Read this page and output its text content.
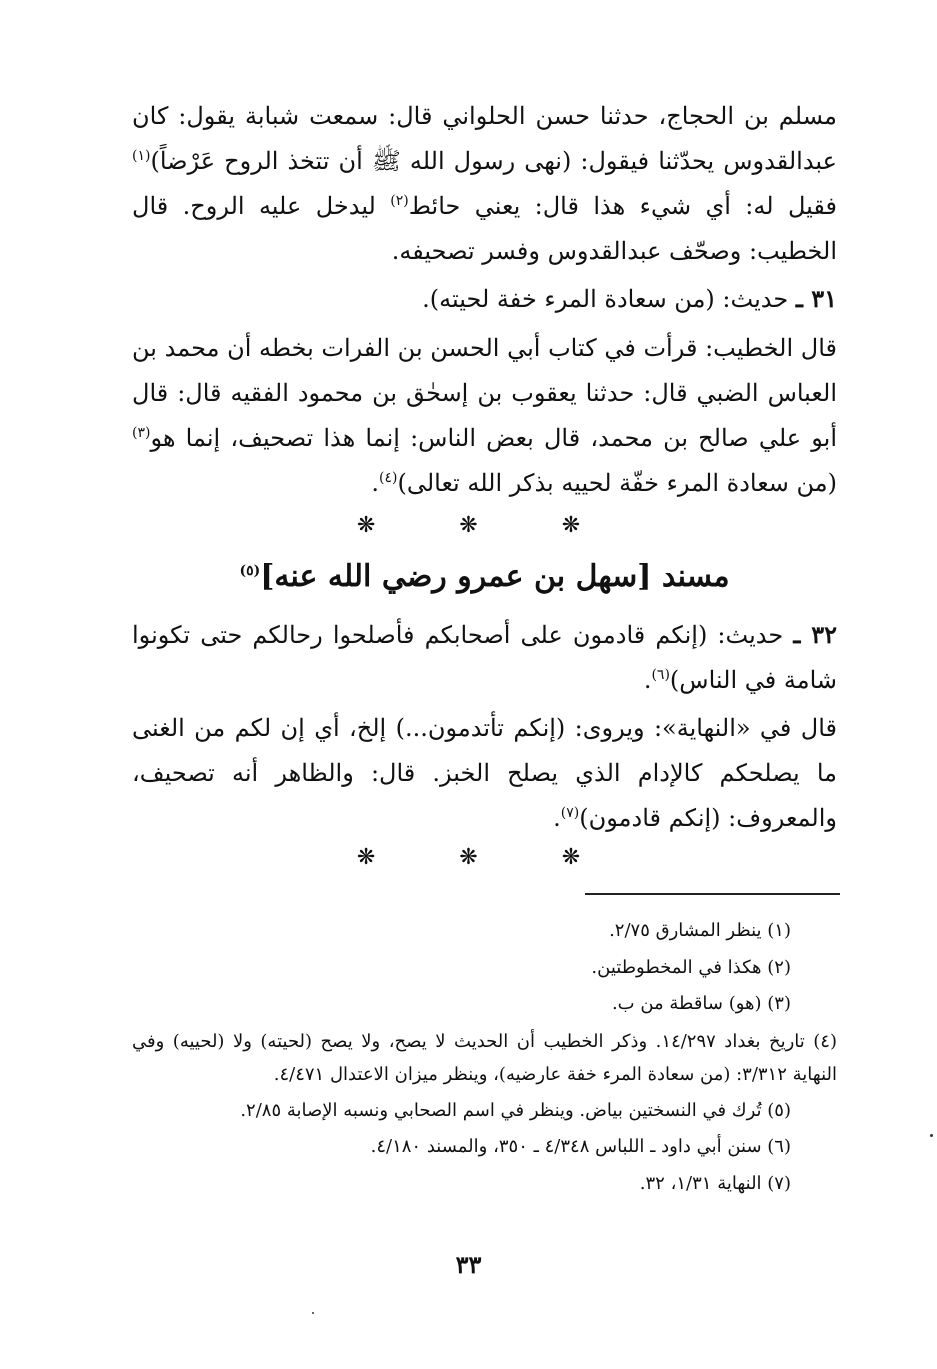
مسلم بن الحجاج، حدثنا حسن الحلواني قال: سمعت شبابة يقول: كان عبدالقدوس يحدّثنا فيقول: (نهى رسول الله ﷺ أن تتخذ الروح عَرْضاً)$^{(١)}$ فقيل له: أي شيء هذا قال: يعني حائط$^{(٢)}$ ليدخل عليه الروح. قال الخطيب: وصحّف عبدالقدوس وفسر تصحيفه.
٣١ ـ حديث: (من سعادة المرء خفة لحيته).
قال الخطيب: قرأت في كتاب أبي الحسن بن الفرات بخطه أن محمد بن العباس الضبي قال: حدثنا يعقوب بن إسحٰق بن محمود الفقيه قال: قال أبو علي صالح بن محمد، قال بعض الناس: إنما هذا تصحيف، إنما هو$^{(٣)}$ (من سعادة المرء خفّة لحييه بذكر الله تعالى)$^{(٤)}$.
❋	❋	❋
مسند [سهل بن عمرو رضي الله عنه]$^{(٥)}$
٣٢ ـ حديث: (إنكم قادمون على أصحابكم فأصلحوا رحالكم حتى تكونوا شامة في الناس)$^{(٦)}$.
قال في «النهاية»: ويروى: (إنكم تأتدمون...) إلخ، أي إن لكم من الغنى ما يصلحكم كالإدام الذي يصلح الخبز. قال: والظاهر أنه تصحيف، والمعروف: (إنكم قادمون)$^{(٧)}$.
❋	❋	❋
(١) ينظر المشارق ٢/٧٥.
(٢) هكذا في المخطوطتين.
(٣) (هو) ساقطة من ب.
(٤) تاريخ بغداد ١٤/٢٩٧. وذكر الخطيب أن الحديث لا يصح، ولا يصح (لحيته) ولا (لحييه) وفي النهاية ٣/٣١٢: (من سعادة المرء خفة عارضيه)، وينظر ميزان الاعتدال ٤/٤٧١.
(٥) تُرك في النسختين بياض. وينظر في اسم الصحابي ونسبه الإصابة ٢/٨٥.
(٦) سنن أبي داود ـ اللباس ٤/٣٤٨ ـ ٣٥٠، والمسند ٤/١٨٠.
(٧) النهاية ١/٣١، ٣٢.
٣٣
